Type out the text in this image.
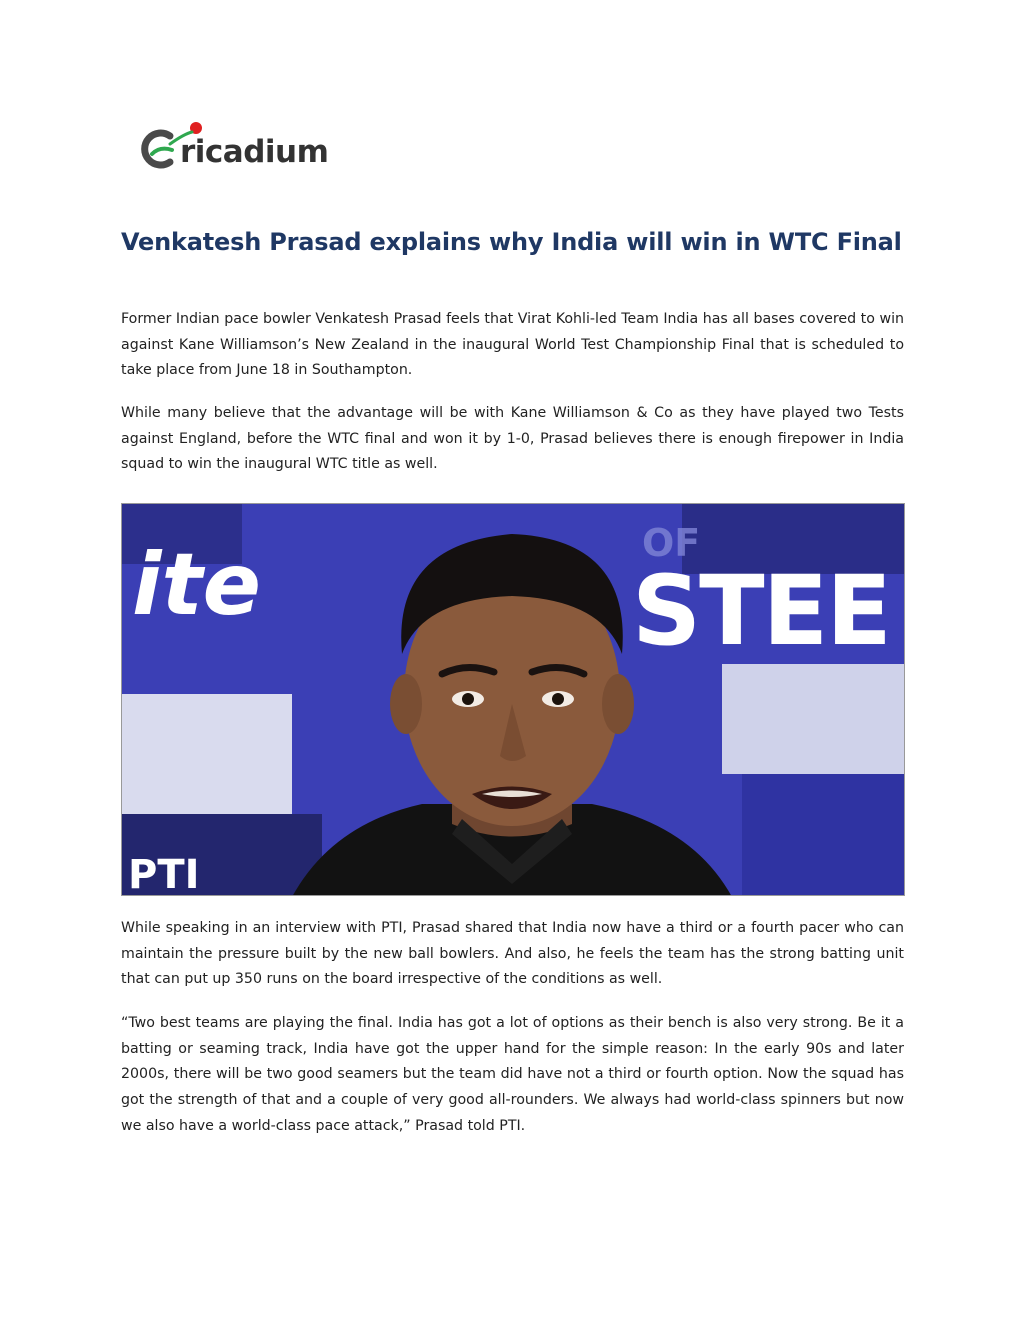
ricadium
Venkatesh Prasad explains why India will win in WTC Final

Former Indian pace bowler Venkatesh Prasad feels that Virat Kohli-led Team India has all bases covered to win against Kane Williamson’s New Zealand in the inaugural World Test Championship Final that is scheduled to take place from June 18 in Southampton.

While many believe that the advantage will be with Kane Williamson & Co as they have played two Tests against England, before the WTC final and won it by 1-0, Prasad believes there is enough firepower in India squad to win the inaugural WTC title as well.

ite	OF
STEE
PTI

While speaking in an interview with PTI, Prasad shared that India now have a third or a fourth pacer who can maintain the pressure built by the new ball bowlers. And also, he feels the team has the strong batting unit that can put up 350 runs on the board irrespective of the conditions as well.

“Two best teams are playing the final. India has got a lot of options as their bench is also very strong. Be it a batting or seaming track, India have got the upper hand for the simple reason: In the early 90s and later 2000s, there will be two good seamers but the team did have not a third or fourth option. Now the squad has got the strength of that and a couple of very good all-rounders. We always had world-class spinners but now we also have a world-class pace attack,” Prasad told PTI.
